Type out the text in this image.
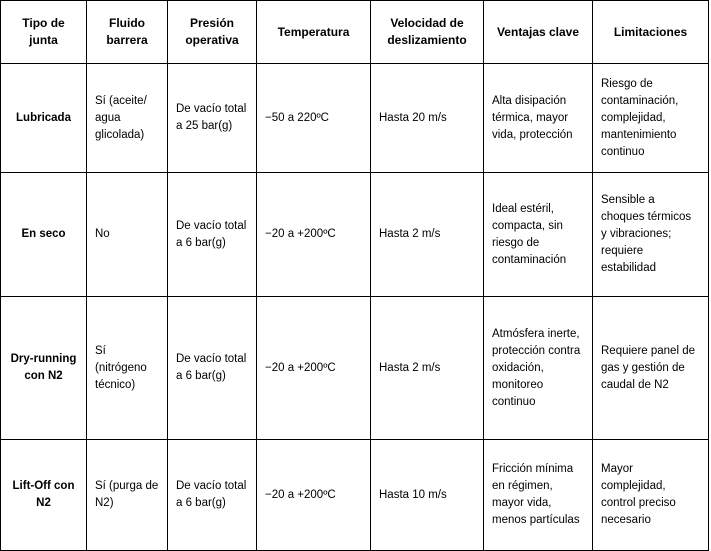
Tipo de junta	Fluido barrera	Presión operativa	Temperatura	Velocidad de deslizamiento	Ventajas clave	Limitaciones
Lubricada	Sí (aceite/ agua glicolada)	De vacío total a 25 bar(g)	−50 a 220ºC	Hasta 20 m/s	Alta disipación térmica, mayor vida, protección	Riesgo de contaminación, complejidad, mantenimiento continuo
En seco	No	De vacío total a 6 bar(g)	−20 a +200ºC	Hasta 2 m/s	Ideal estéril, compacta, sin riesgo de contaminación	Sensible a choques térmicos y vibraciones; requiere estabilidad
Dry-running con N2	Sí (nitrógeno técnico)	De vacío total a 6 bar(g)	−20 a +200ºC	Hasta 2 m/s	Atmósfera inerte, protección contra oxidación, monitoreo continuo	Requiere panel de gas y gestión de caudal de N2
Lift-Off con N2	Sí (purga de N2)	De vacío total a 6 bar(g)	−20 a +200ºC	Hasta 10 m/s	Fricción mínima en régimen, mayor vida, menos partículas	Mayor complejidad, control preciso necesario
